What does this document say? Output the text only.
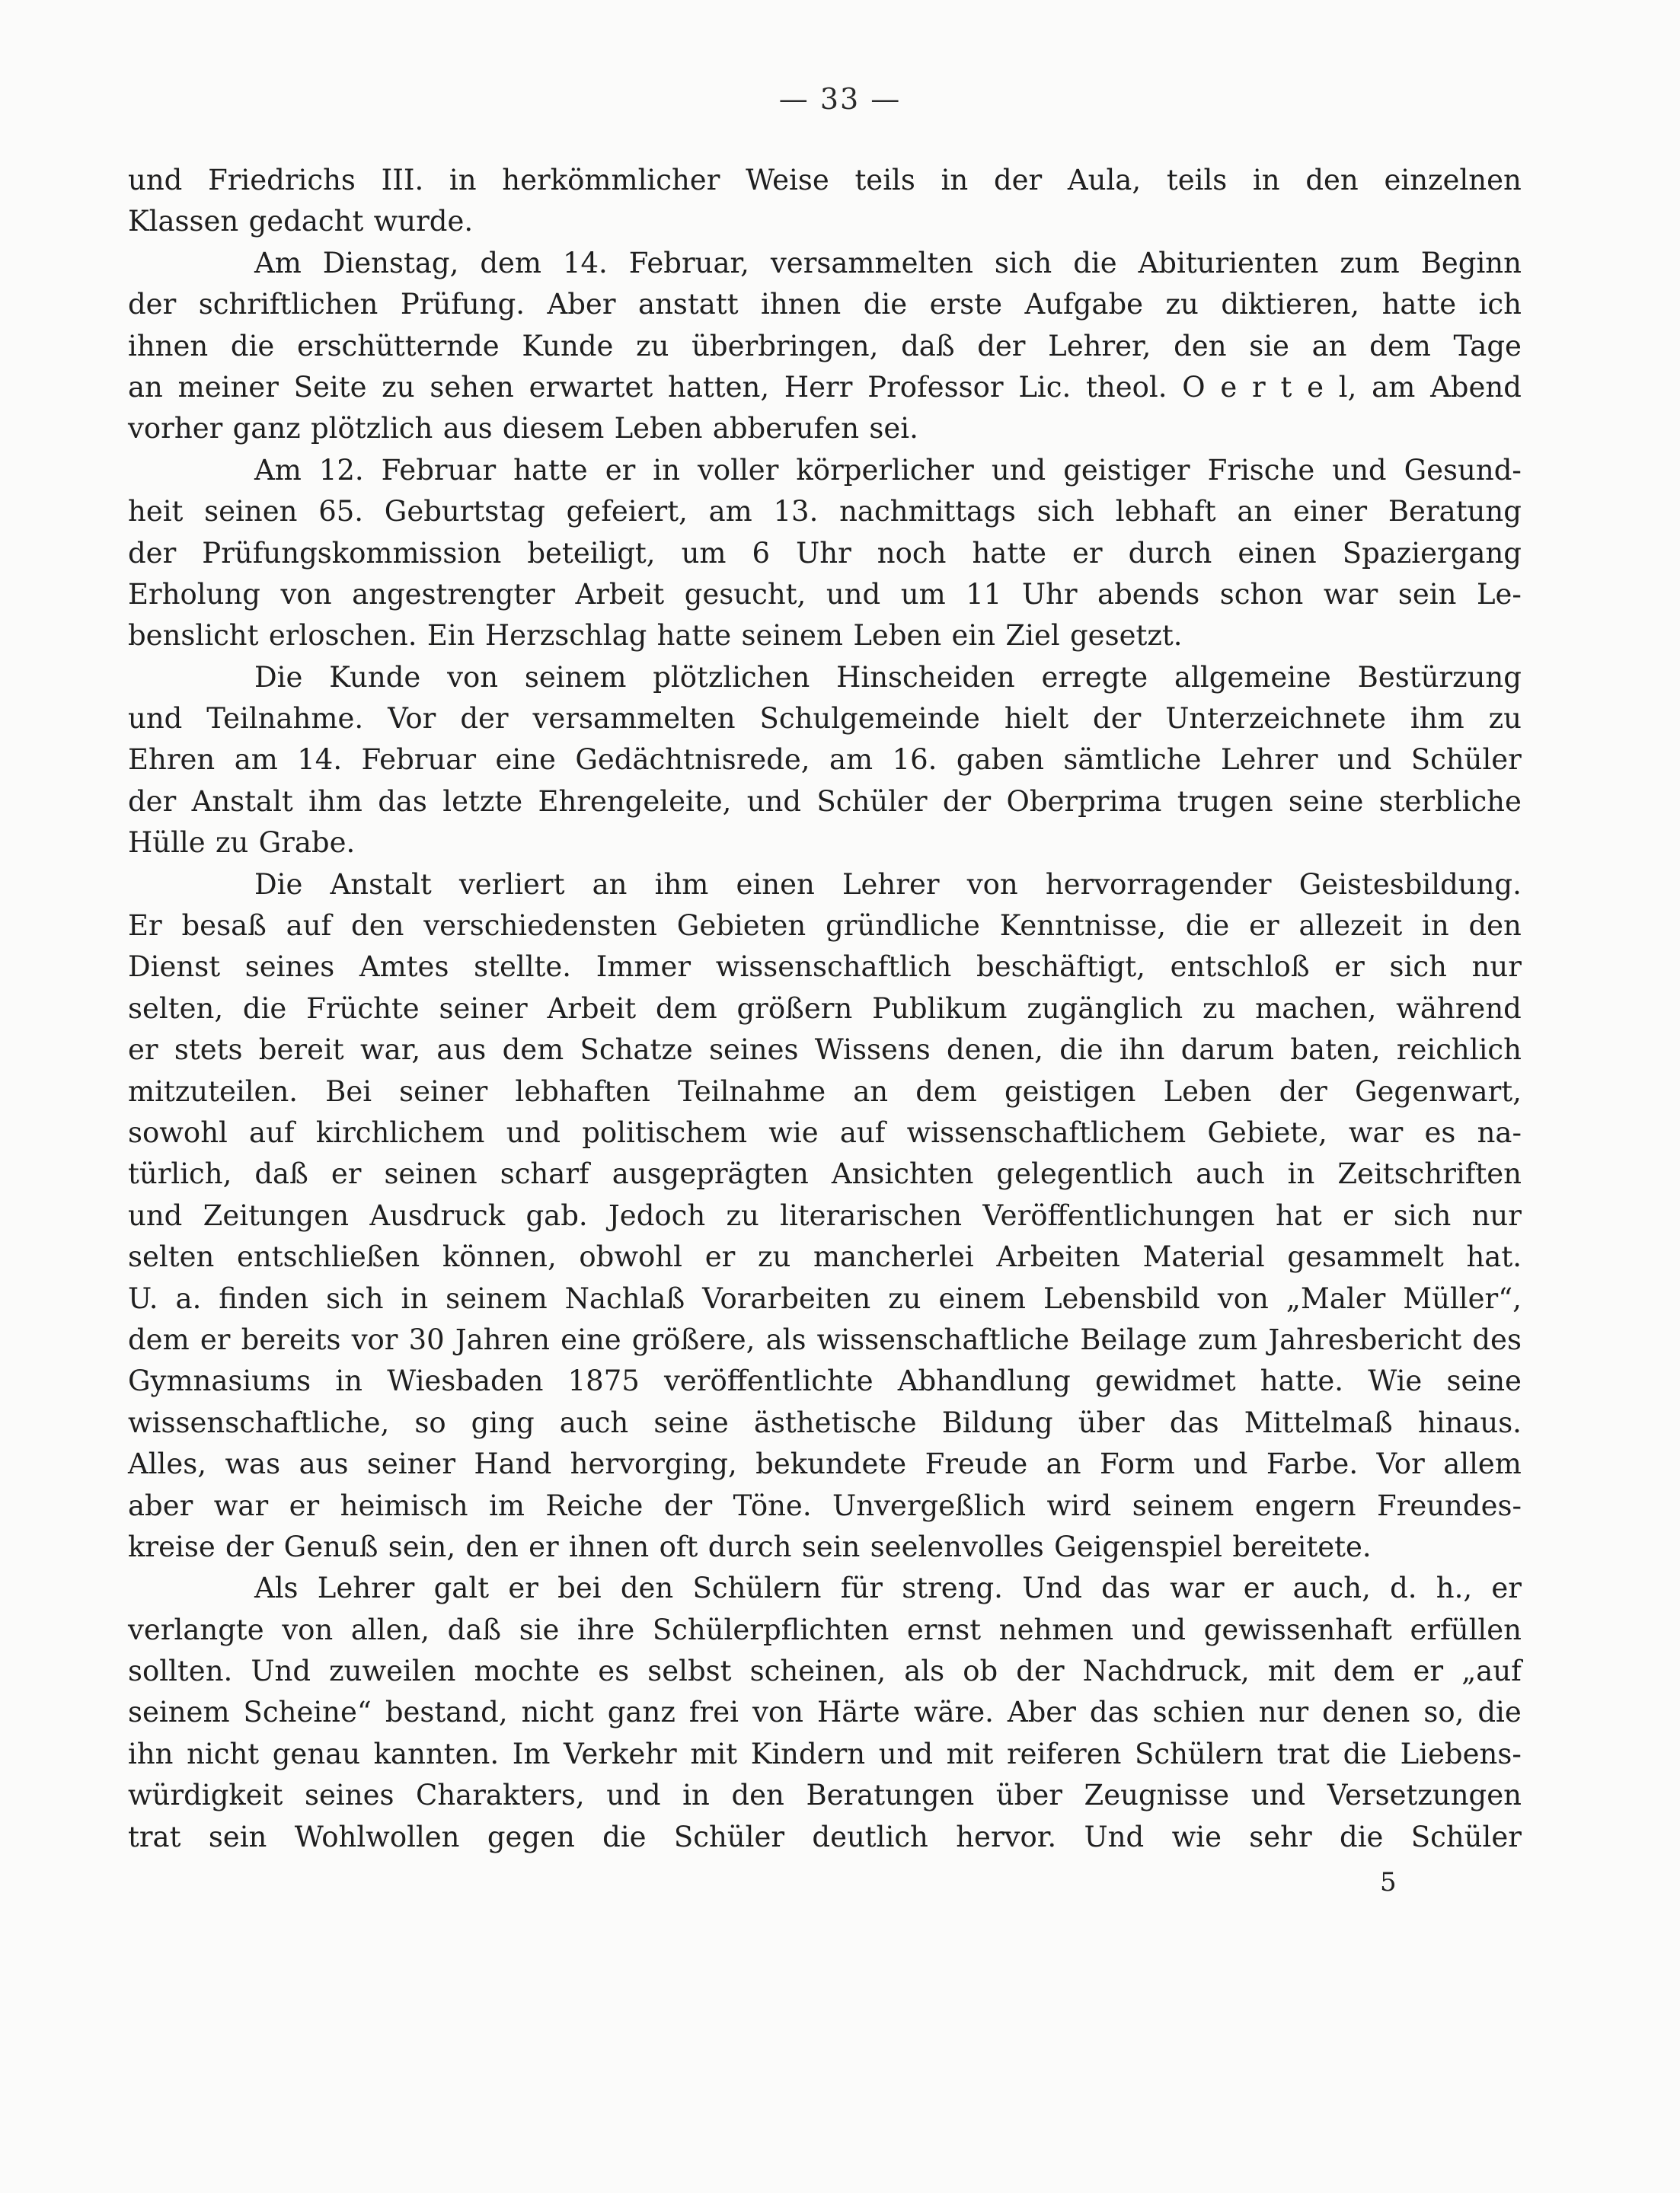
— 33 —
und Friedrichs III. in herkömmlicher Weise teils in der Aula, teils in den einzelnen
Klassen gedacht wurde.
Am Dienstag, dem 14. Februar, versammelten sich die Abiturienten zum Beginn
der schriftlichen Prüfung. Aber anstatt ihnen die erste Aufgabe zu diktieren, hatte ich
ihnen die erschütternde Kunde zu überbringen, daß der Lehrer, den sie an dem Tage
an meiner Seite zu sehen erwartet hatten, Herr Professor Lic. theol. O e r t e l, am Abend
vorher ganz plötzlich aus diesem Leben abberufen sei.
Am 12. Februar hatte er in voller körperlicher und geistiger Frische und Gesund-
heit seinen 65. Geburtstag gefeiert, am 13. nachmittags sich lebhaft an einer Beratung
der Prüfungskommission beteiligt, um 6 Uhr noch hatte er durch einen Spaziergang
Erholung von angestrengter Arbeit gesucht, und um 11 Uhr abends schon war sein Le-
benslicht erloschen. Ein Herzschlag hatte seinem Leben ein Ziel gesetzt.
Die Kunde von seinem plötzlichen Hinscheiden erregte allgemeine Bestürzung
und Teilnahme. Vor der versammelten Schulgemeinde hielt der Unterzeichnete ihm zu
Ehren am 14. Februar eine Gedächtnisrede, am 16. gaben sämtliche Lehrer und Schüler
der Anstalt ihm das letzte Ehrengeleite, und Schüler der Oberprima trugen seine sterbliche
Hülle zu Grabe.
Die Anstalt verliert an ihm einen Lehrer von hervorragender Geistesbildung.
Er besaß auf den verschiedensten Gebieten gründliche Kenntnisse, die er allezeit in den
Dienst seines Amtes stellte. Immer wissenschaftlich beschäftigt, entschloß er sich nur
selten, die Früchte seiner Arbeit dem größern Publikum zugänglich zu machen, während
er stets bereit war, aus dem Schatze seines Wissens denen, die ihn darum baten, reichlich
mitzuteilen. Bei seiner lebhaften Teilnahme an dem geistigen Leben der Gegenwart,
sowohl auf kirchlichem und politischem wie auf wissenschaftlichem Gebiete, war es na-
türlich, daß er seinen scharf ausgeprägten Ansichten gelegentlich auch in Zeitschriften
und Zeitungen Ausdruck gab. Jedoch zu literarischen Veröffentlichungen hat er sich nur
selten entschließen können, obwohl er zu mancherlei Arbeiten Material gesammelt hat.
U. a. finden sich in seinem Nachlaß Vorarbeiten zu einem Lebensbild von „Maler Müller“,
dem er bereits vor 30 Jahren eine größere, als wissenschaftliche Beilage zum Jahresbericht des
Gymnasiums in Wiesbaden 1875 veröffentlichte Abhandlung gewidmet hatte. Wie seine
wissenschaftliche, so ging auch seine ästhetische Bildung über das Mittelmaß hinaus.
Alles, was aus seiner Hand hervorging, bekundete Freude an Form und Farbe. Vor allem
aber war er heimisch im Reiche der Töne. Unvergeßlich wird seinem engern Freundes-
kreise der Genuß sein, den er ihnen oft durch sein seelenvolles Geigenspiel bereitete.
Als Lehrer galt er bei den Schülern für streng. Und das war er auch, d. h., er
verlangte von allen, daß sie ihre Schülerpflichten ernst nehmen und gewissenhaft erfüllen
sollten. Und zuweilen mochte es selbst scheinen, als ob der Nachdruck, mit dem er „auf
seinem Scheine“ bestand, nicht ganz frei von Härte wäre. Aber das schien nur denen so, die
ihn nicht genau kannten. Im Verkehr mit Kindern und mit reiferen Schülern trat die Liebens-
würdigkeit seines Charakters, und in den Beratungen über Zeugnisse und Versetzungen
trat sein Wohlwollen gegen die Schüler deutlich hervor. Und wie sehr die Schüler
5
